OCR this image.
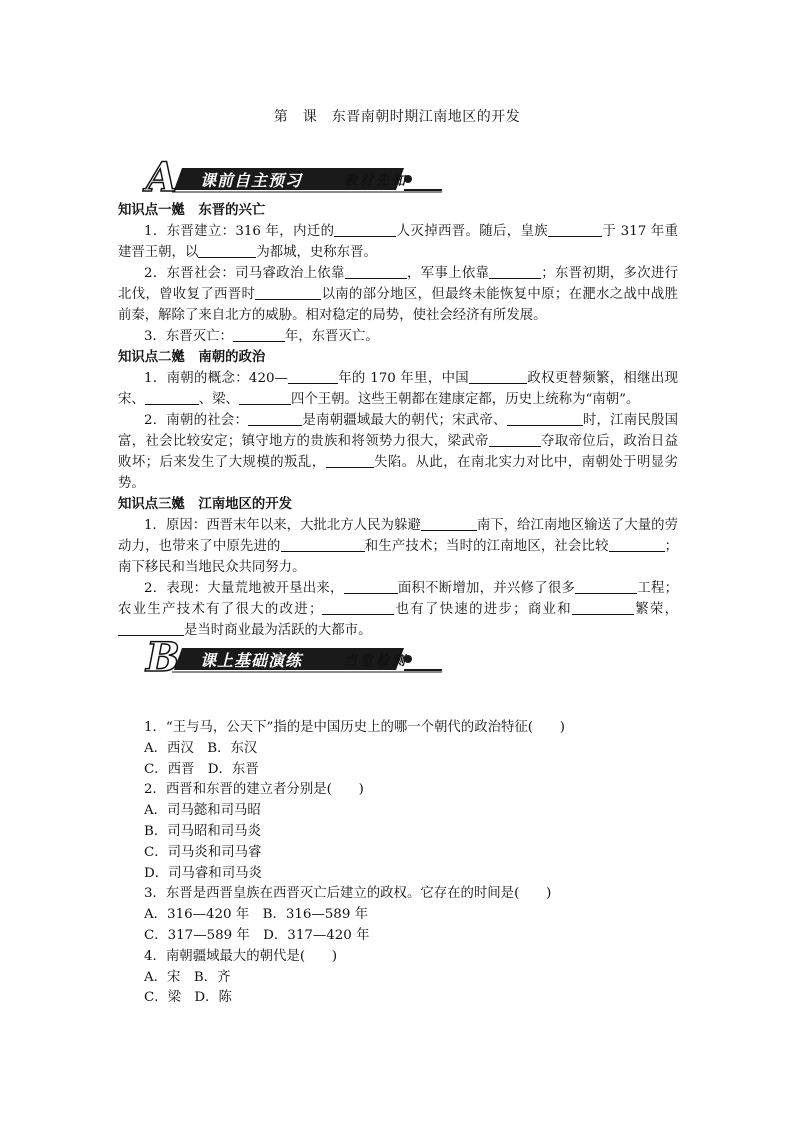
第　课　东晋南朝时期江南地区的开发
A 课前自主预习	教材先知
知识点一嬔　东晋的兴亡
1．东晋建立：316 年，内迁的	人灭掉西晋。随后，皇族	于 317 年重建晋王朝，以	为都城，史称东晋。
2．东晋社会：司马睿政治上依靠	，军事上依靠	；东晋初期，多次进行北伐，曾收复了西晋时	以南的部分地区，但最终未能恢复中原；在淝水之战中战胜前秦，解除了来自北方的威胁。相对稳定的局势，使社会经济有所发展。
3．东晋灭亡：	年，东晋灭亡。
知识点二嬔　南朝的政治
1．南朝的概念：420—	年的 170 年里，中国	政权更替频繁，相继出现宋、	、梁、	四个王朝。这些王朝都在建康定都，历史上统称为“南朝”。
2．南朝的社会：	是南朝疆域最大的朝代；宋武帝、	时，江南民殷国富，社会比较安定；镇守地方的贵族和将领势力很大，梁武帝	夺取帝位后，政治日益败坏；后来发生了大规模的叛乱，	失陷。从此，在南北实力对比中，南朝处于明显劣势。
知识点三嬔　江南地区的开发
1．原因：西晋末年以来，大批北方人民为躲避	南下，给江南地区输送了大量的劳动力，也带来了中原先进的	和生产技术；当时的江南地区，社会比较	；南下移民和当地民众共同努力。
2．表现：大量荒地被开垦出来，	面积不断增加，并兴修了很多	工程；农业生产技术有了很大的改进；	也有了快速的进步；商业和	繁荣，是当时商业最为活跃的大都市。
B 课上基础演练	当堂检测
1．“王与马，公天下”指的是中国历史上的哪一个朝代的政治特征(　　)
A．西汉　B．东汉
C．西晋　D．东晋
2．西晋和东晋的建立者分别是(　　)
A．司马懿和司马昭
B．司马昭和司马炎
C．司马炎和司马睿
D．司马睿和司马炎
3．东晋是西晋皇族在西晋灭亡后建立的政权。它存在的时间是(　　)
A．316—420 年　B．316—589 年
C．317—589 年　D．317—420 年
4．南朝疆域最大的朝代是(　　)
A．宋　B．齐
C．梁　D．陈
